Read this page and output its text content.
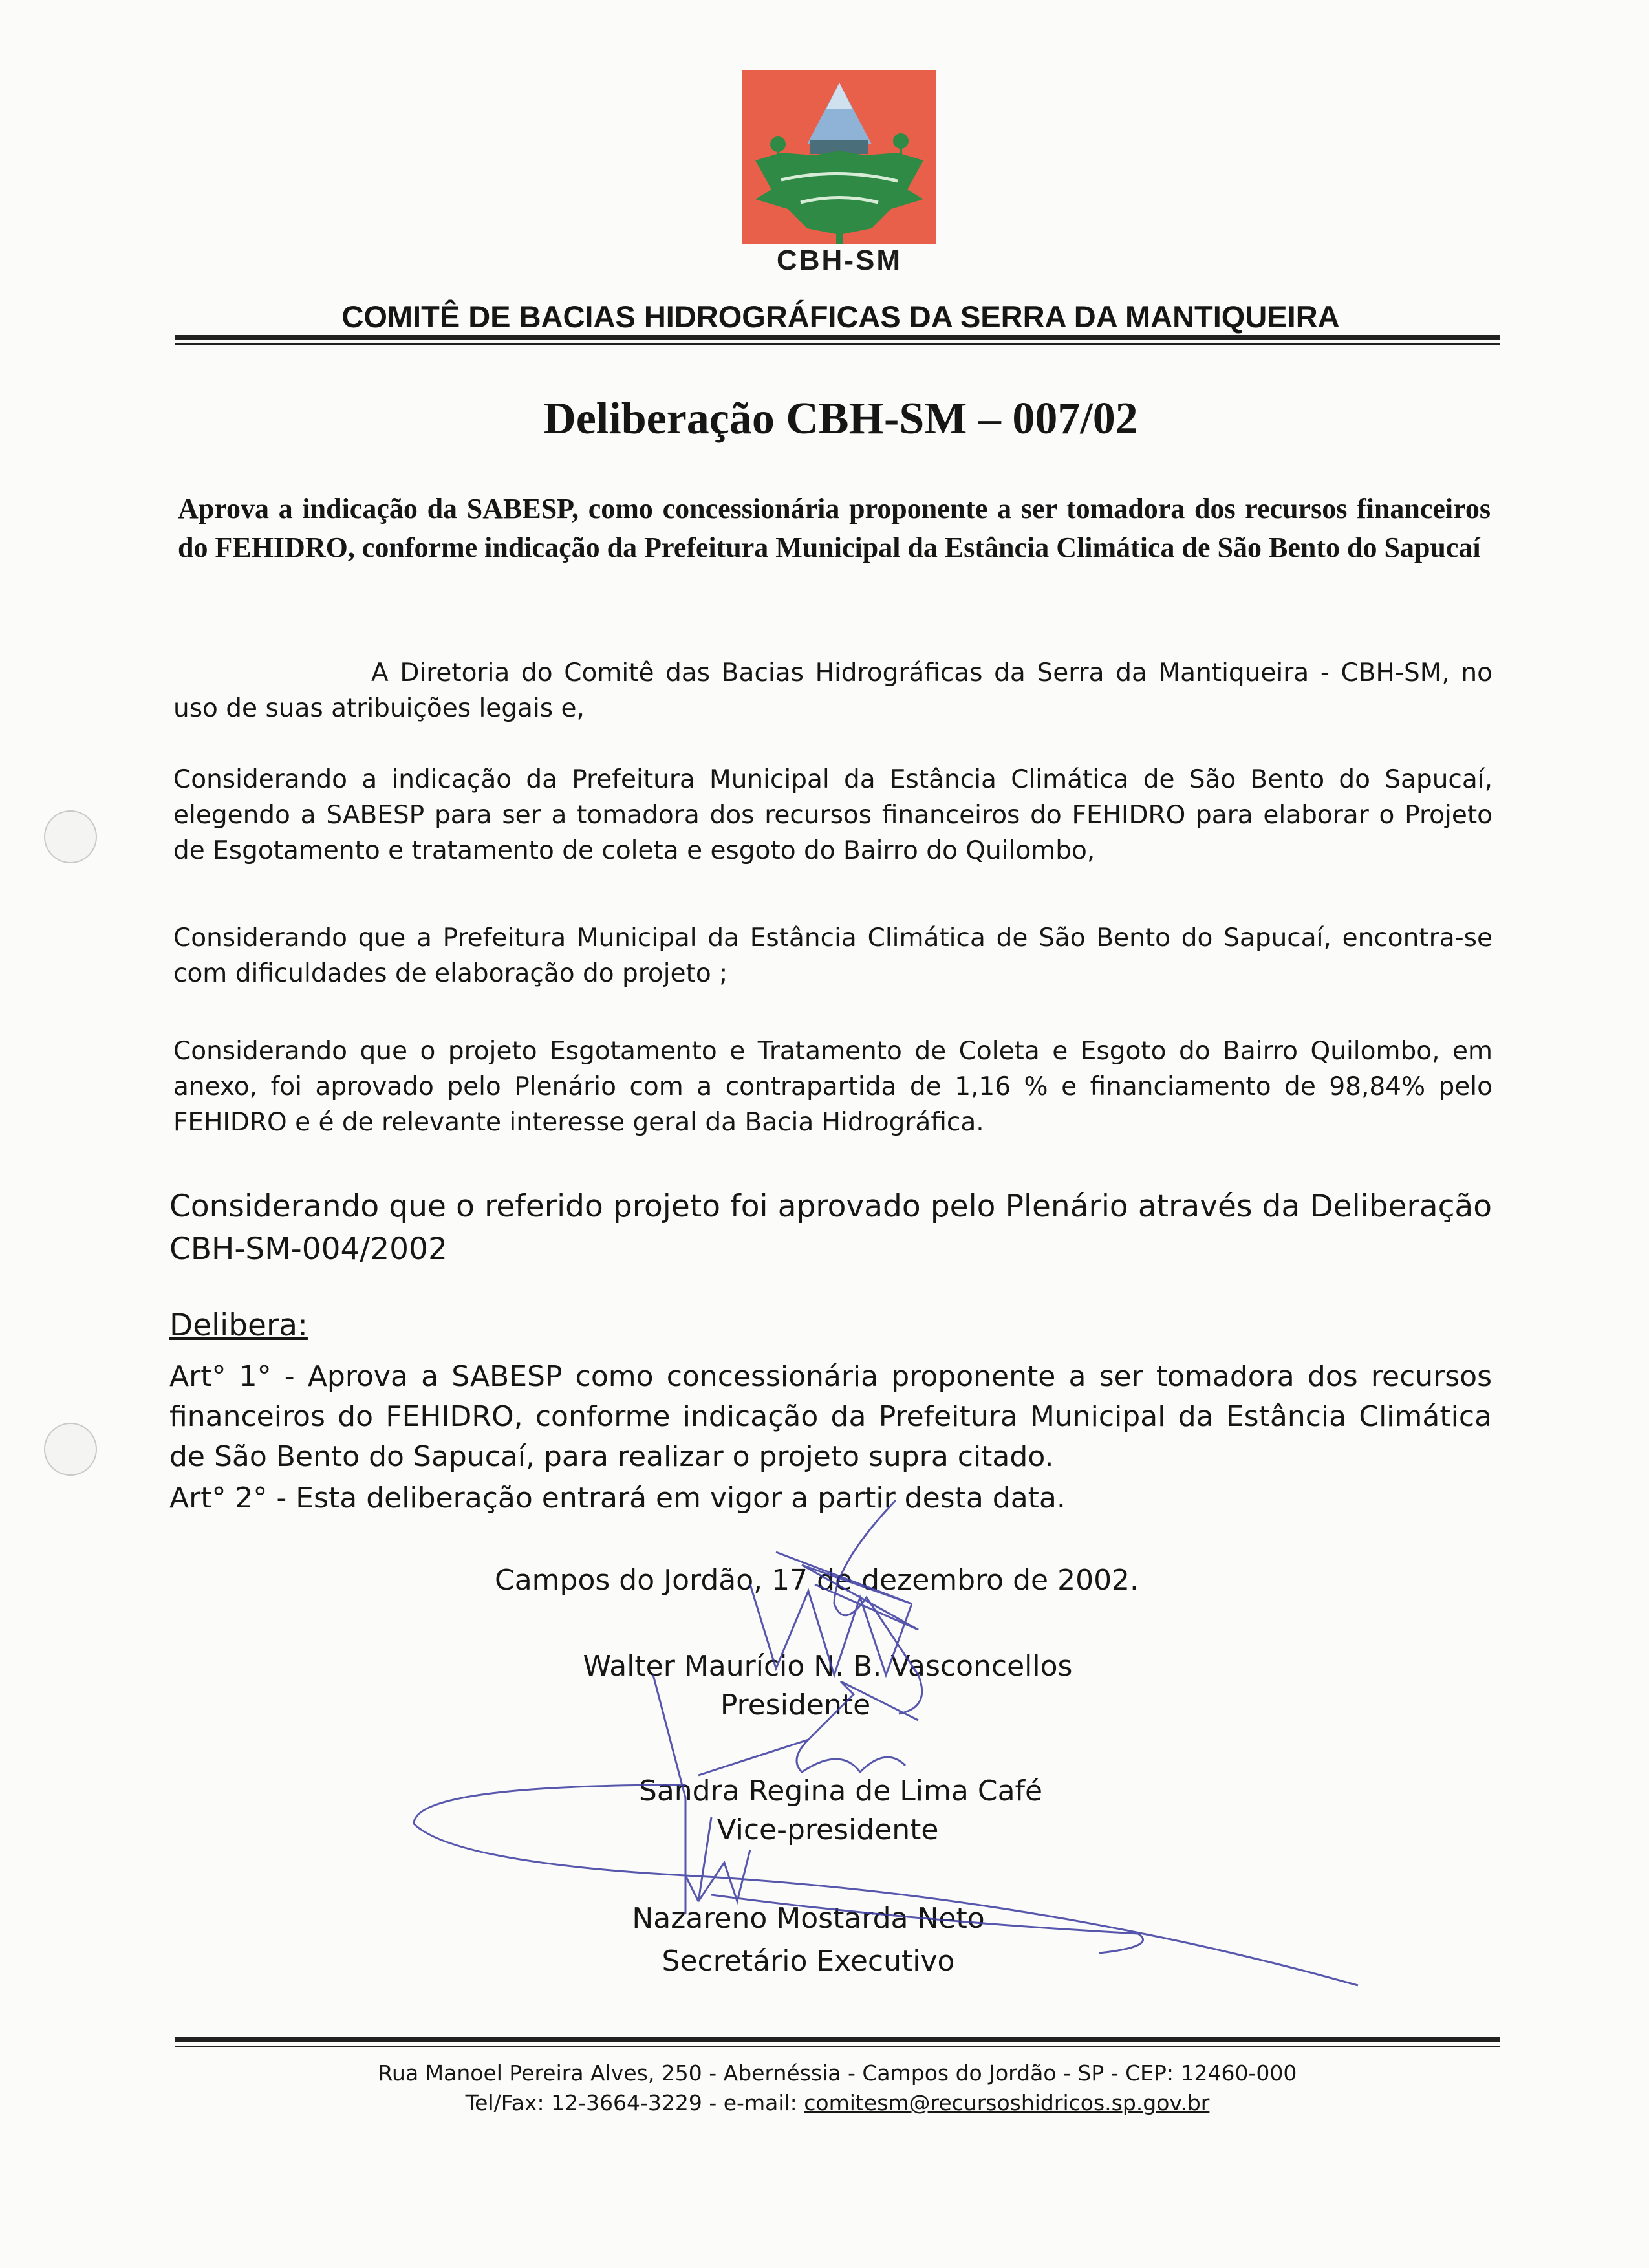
CBH-SM
COMITÊ DE BACIAS HIDROGRÁFICAS DA SERRA DA MANTIQUEIRA
Deliberação CBH-SM – 007/02
Aprova a indicação da SABESP, como concessionária proponente a ser tomadora dos recursos financeiros do FEHIDRO, conforme indicação da Prefeitura Municipal da Estância Climática de São Bento do Sapucaí
A Diretoria do Comitê das Bacias Hidrográficas da Serra da Mantiqueira - CBH-SM, no uso de suas atribuições legais e,
Considerando a indicação da Prefeitura Municipal da Estância Climática de São Bento do Sapucaí, elegendo a SABESP para ser a tomadora dos recursos financeiros do FEHIDRO para elaborar o Projeto de Esgotamento e tratamento de coleta e esgoto do Bairro do Quilombo,
Considerando que a Prefeitura Municipal da Estância Climática de São Bento do Sapucaí, encontra-se com dificuldades de elaboração do projeto ;
Considerando que o projeto Esgotamento e Tratamento de Coleta e Esgoto do Bairro Quilombo, em anexo, foi aprovado pelo Plenário com a contrapartida de 1,16 % e financiamento de 98,84% pelo FEHIDRO e é de relevante interesse geral da Bacia Hidrográfica.
Considerando que o referido projeto foi aprovado pelo Plenário através da Deliberação CBH-SM-004/2002
Delibera:
Art° 1° - Aprova a SABESP como concessionária proponente a ser tomadora dos recursos financeiros do FEHIDRO, conforme indicação da Prefeitura Municipal da Estância Climática de São Bento do Sapucaí, para realizar o projeto supra citado.
Art° 2° - Esta deliberação entrará em vigor a partir desta data.
Campos do Jordão, 17 de dezembro de 2002.
Walter Maurício N. B. Vasconcellos
Presidente
Sandra Regina de Lima Café
Vice-presidente
Nazareno Mostarda Neto
Secretário Executivo
Rua Manoel Pereira Alves, 250 - Abernéssia - Campos do Jordão - SP - CEP: 12460-000
Tel/Fax: 12-3664-3229 - e-mail: comitesm@recursoshidricos.sp.gov.br
